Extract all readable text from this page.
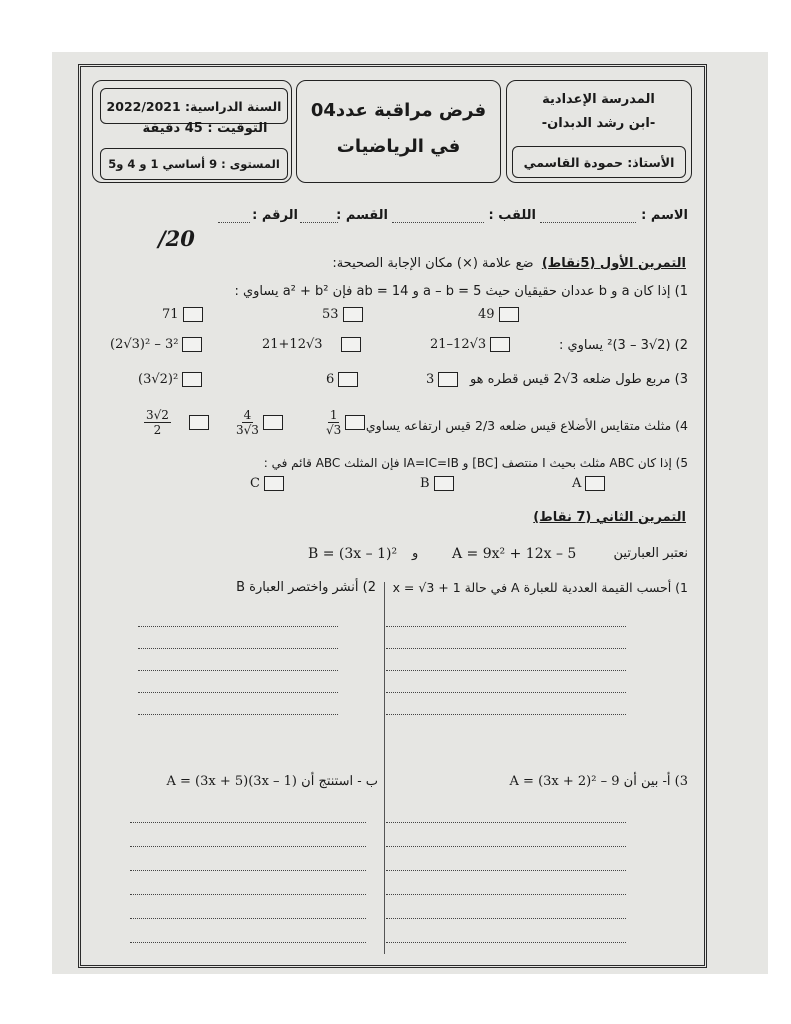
السنة الدراسية: 2022/2021
التوقيت : 45 دقيقة
المستوى : 9 أساسي 1 و 4 و5
فرض مراقبة عدد04
في الرياضيات
المدرسة الإعدادية
-ابن رشد الدبدان-
الأستاذ: حمودة القاسمي
الاسم :
اللقب :
القسم :
الرقم :
/20
التمرين الأول (5نقاط)  ضع علامة (×) مكان الإجابة الصحيحة:
1) إذا كان a و b عددان حقيقيان حيث a – b = 5 و ab = 14 فإن a² + b² يساوي :
49
53
71
2) (2√3 – 3)² يساوي :
21–12√3
21+12√3
(2√3)² – 3²
3) مربع طول ضلعه 3√2 قيس قطره هو
3
6
(3√2)²
4) مثلث متقايس الأضلاع قيس ضلعه 2/3 قيس ارتفاعه يساوي
$\frac{1}{√3}$
$\frac{4}{3√3}$
$\frac{3√2}{2}$
5) إذا كان ABC مثلث بحيث I منتصف [BC] و IA=IC=IB فإن المثلث ABC قائم في :
A
B
C
التمرين الثاني (7 نقاط)
نعتبر العبارتين
A = 9x² + 12x – 5
و
B = (3x – 1)²
1) أحسب القيمة العددية للعبارة A في حالة x = √3 + 1
2) أنشر واختصر العبارة B
3) أ- بين أن 9 – A = (3x + 2)²
ب - استنتج أن A = (3x + 5)(3x – 1)
